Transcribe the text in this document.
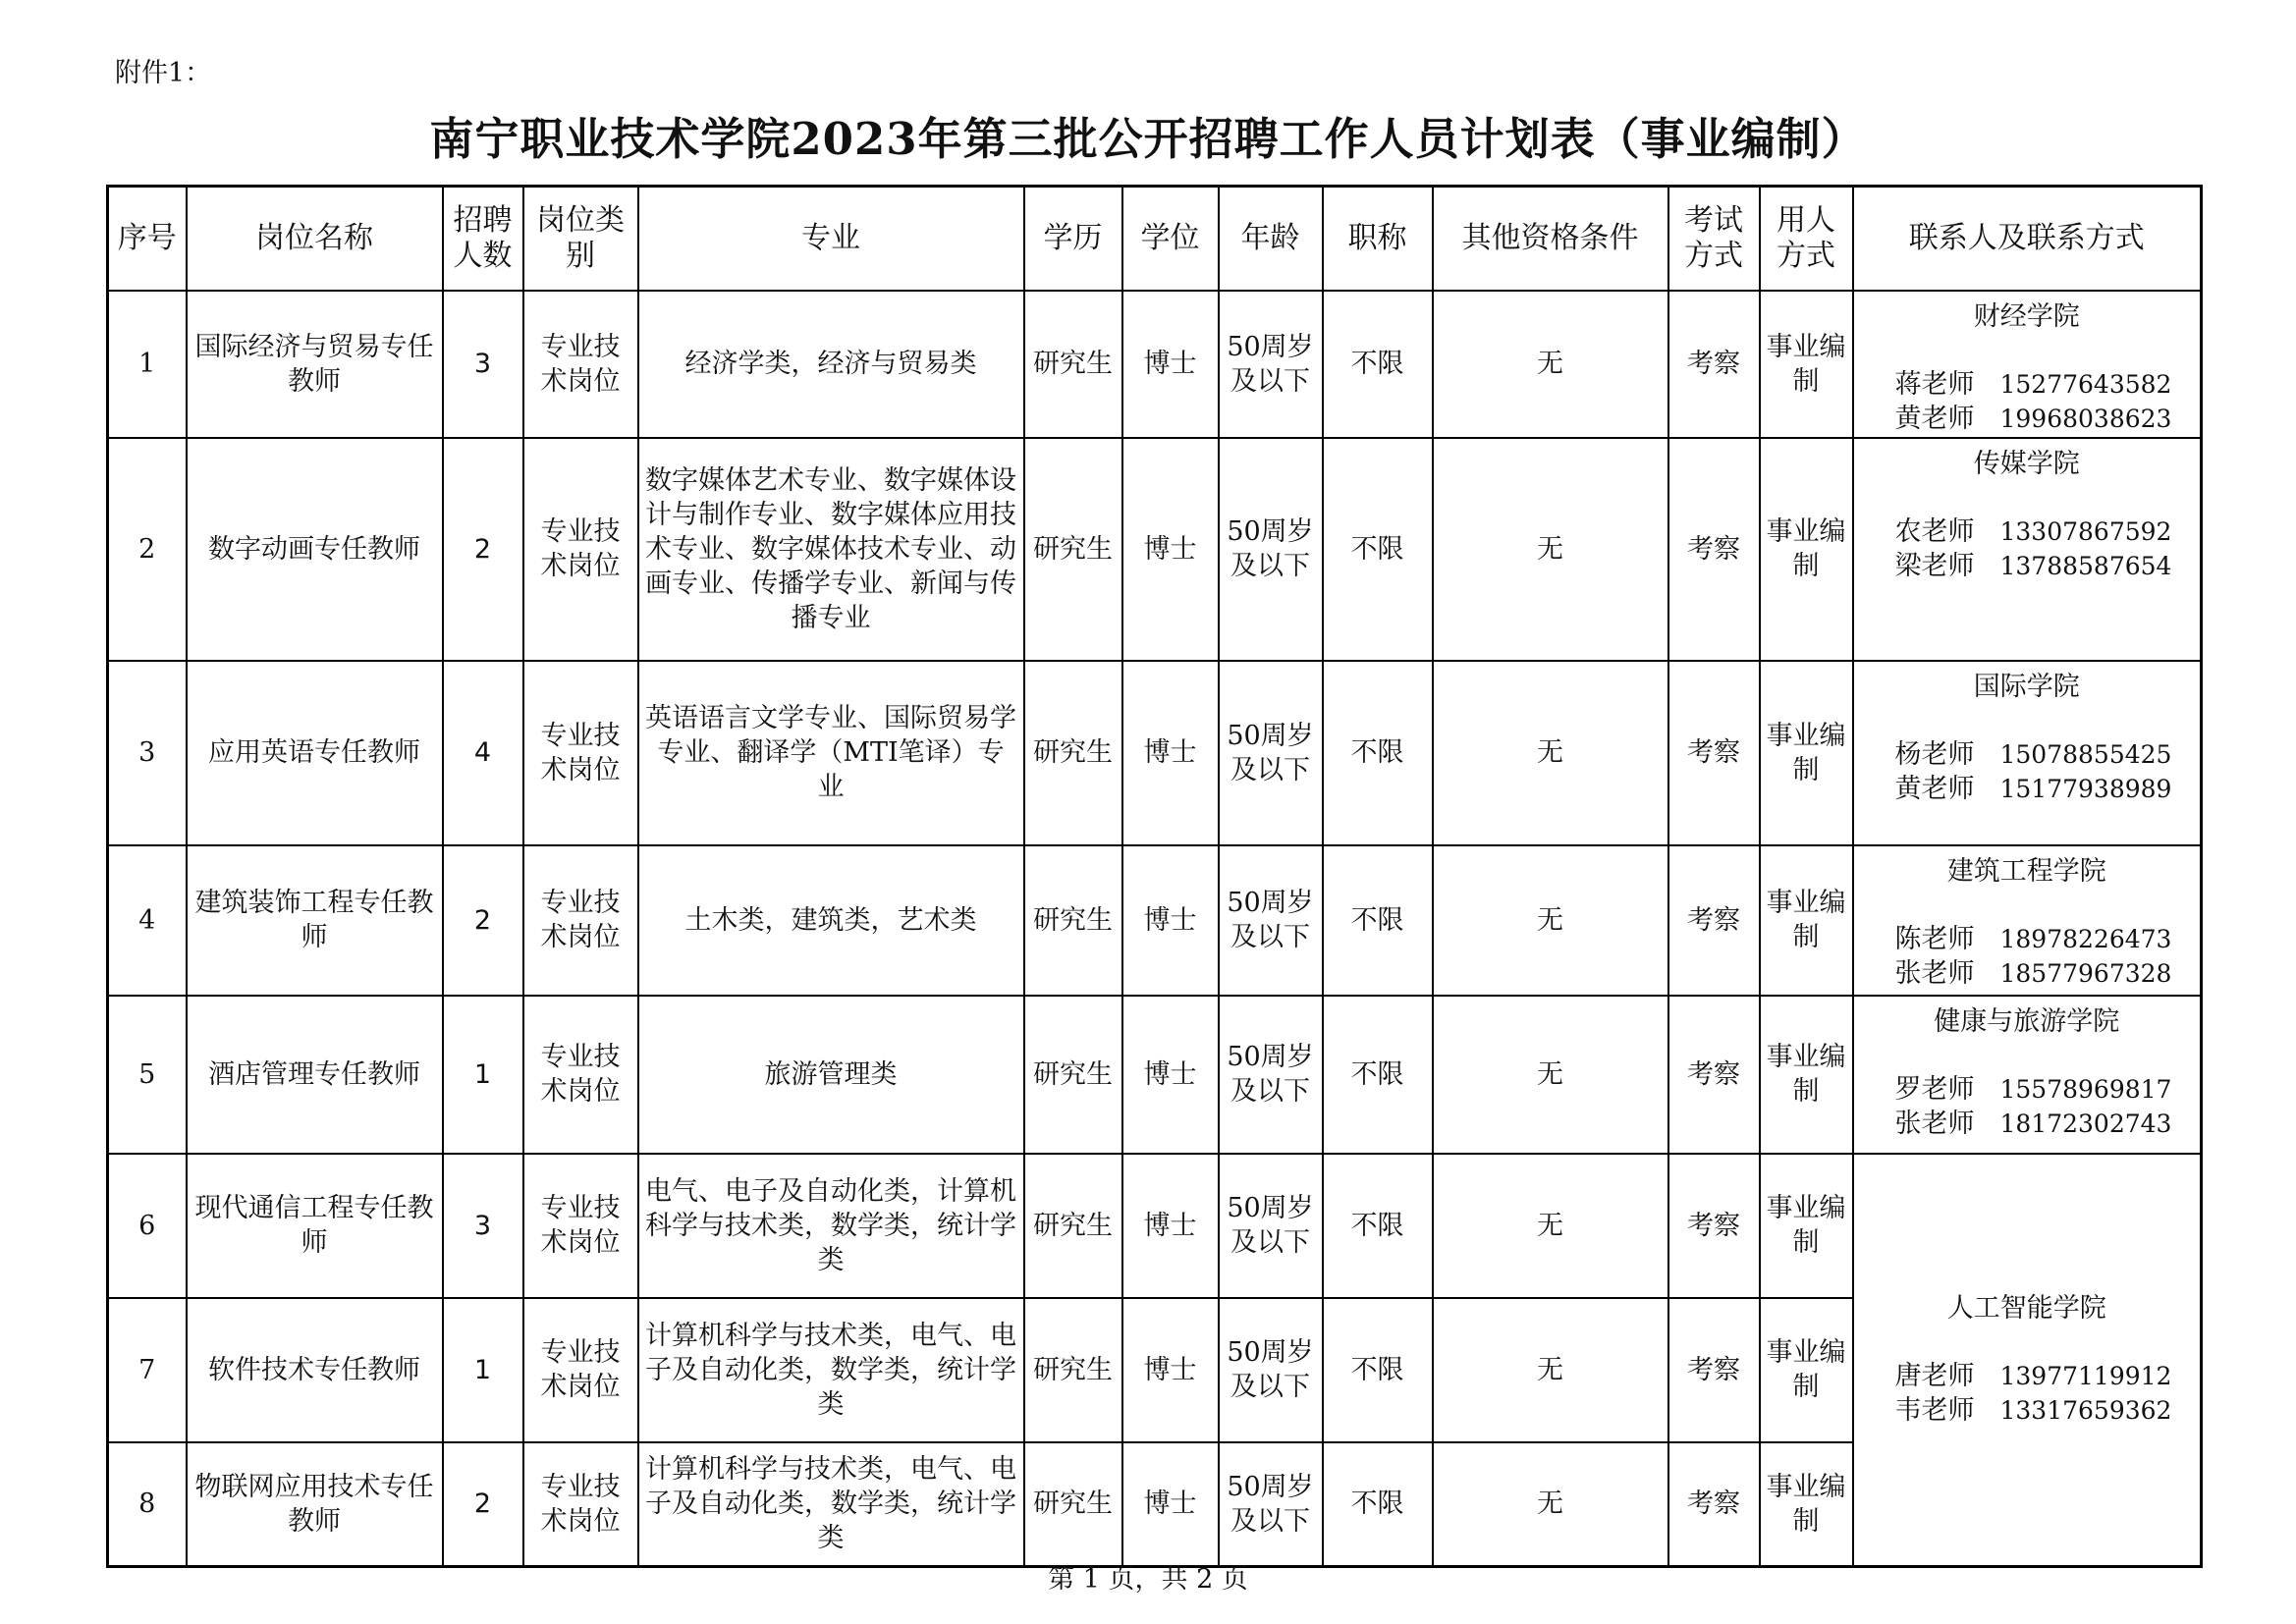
附件1：
南宁职业技术学院2023年第三批公开招聘工作人员计划表（事业编制）
序号	岗位名称	招聘人数	岗位类别	专业	学历	学位	年龄	职称	其他资格条件	考试方式	用人方式	联系人及联系方式
1	国际经济与贸易专任教师	3	专业技术岗位	经济学类，经济与贸易类	研究生	博士	50周岁及以下	不限	无	考察	事业编制	财经学院
蒋老师 15277643582
黄老师 19968038623

2	数字动画专任教师	2	专业技术岗位	数字媒体艺术专业、数字媒体设计与制作专业、数字媒体应用技术专业、数字媒体技术专业、动画专业、传播学专业、新闻与传播专业	研究生	博士	50周岁及以下	不限	无	考察	事业编制	传媒学院
农老师 13307867592
梁老师 13788587654

3	应用英语专任教师	4	专业技术岗位	英语语言文学专业、国际贸易学专业、翻译学（MTI笔译）专业	研究生	博士	50周岁及以下	不限	无	考察	事业编制	国际学院
杨老师 15078855425
黄老师 15177938989

4	建筑装饰工程专任教师	2	专业技术岗位	土木类，建筑类，艺术类	研究生	博士	50周岁及以下	不限	无	考察	事业编制	建筑工程学院
陈老师 18978226473
张老师 18577967328

5	酒店管理专任教师	1	专业技术岗位	旅游管理类	研究生	博士	50周岁及以下	不限	无	考察	事业编制	健康与旅游学院
罗老师 15578969817
张老师 18172302743

6	现代通信工程专任教师	3	专业技术岗位	电气、电子及自动化类，计算机科学与技术类，数学类，统计学类	研究生	博士	50周岁及以下	不限	无	考察	事业编制	人工智能学院
唐老师 13977119912
韦老师 13317659362

7	软件技术专任教师	1	专业技术岗位	计算机科学与技术类，电气、电子及自动化类，数学类，统计学类	研究生	博士	50周岁及以下	不限	无	考察	事业编制	
8	物联网应用技术专任教师	2	专业技术岗位	计算机科学与技术类，电气、电子及自动化类，数学类，统计学类	研究生	博士	50周岁及以下	不限	无	考察	事业编制	
第 1 页，共 2 页
